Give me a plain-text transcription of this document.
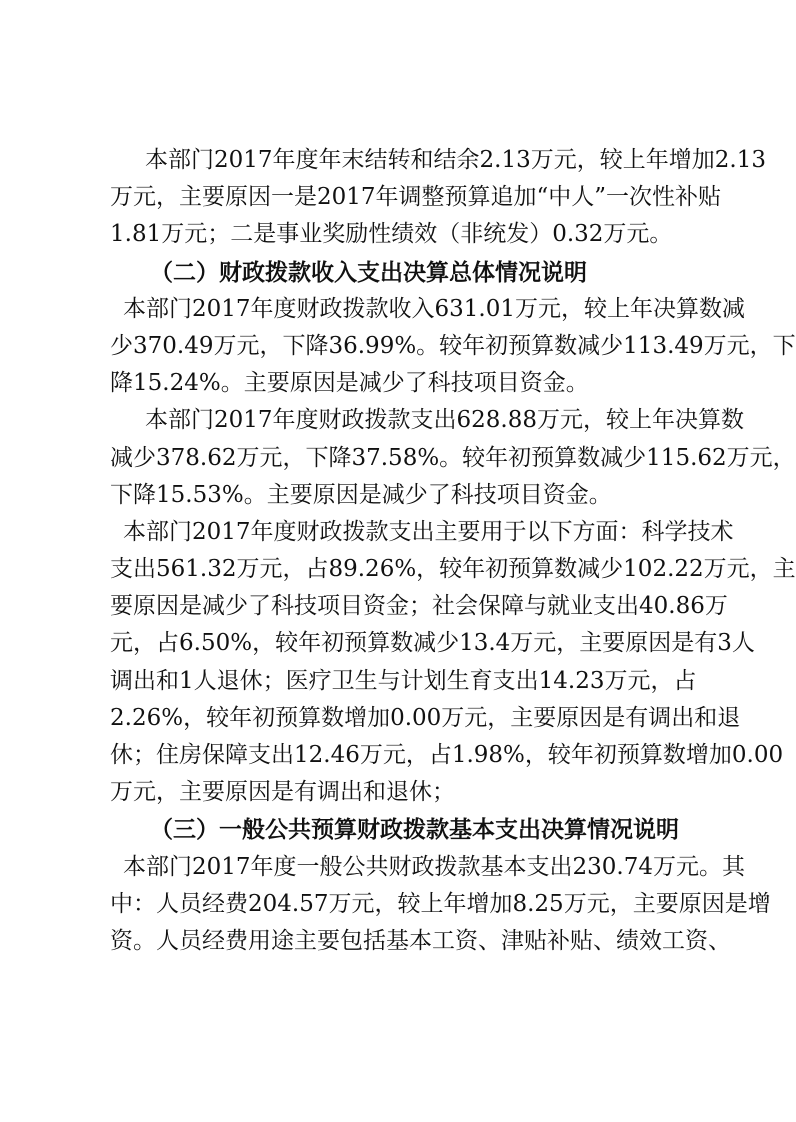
本部门2017年度年末结转和结余2.13万元，较上年增加2.13
万元，主要原因一是2017年调整预算追加“中人”一次性补贴
1.81万元；二是事业奖励性绩效（非统发）0.32万元。
（二）财政拨款收入支出决算总体情况说明
本部门2017年度财政拨款收入631.01万元，较上年决算数减
少370.49万元，下降36.99%。较年初预算数减少113.49万元，下
降15.24%。主要原因是减少了科技项目资金。
本部门2017年度财政拨款支出628.88万元，较上年决算数
减少378.62万元，下降37.58%。较年初预算数减少115.62万元，
下降15.53%。主要原因是减少了科技项目资金。
本部门2017年度财政拨款支出主要用于以下方面：科学技术
支出561.32万元，占89.26%，较年初预算数减少102.22万元，主
要原因是减少了科技项目资金；社会保障与就业支出40.86万
元，占6.50%，较年初预算数减少13.4万元，主要原因是有3人
调出和1人退休；医疗卫生与计划生育支出14.23万元，占
2.26%，较年初预算数增加0.00万元，主要原因是有调出和退
休；住房保障支出12.46万元，占1.98%，较年初预算数增加0.00
万元，主要原因是有调出和退休；
（三）一般公共预算财政拨款基本支出决算情况说明
本部门2017年度一般公共财政拨款基本支出230.74万元。其
中：人员经费204.57万元，较上年增加8.25万元，主要原因是增
资。人员经费用途主要包括基本工资、津贴补贴、绩效工资、
